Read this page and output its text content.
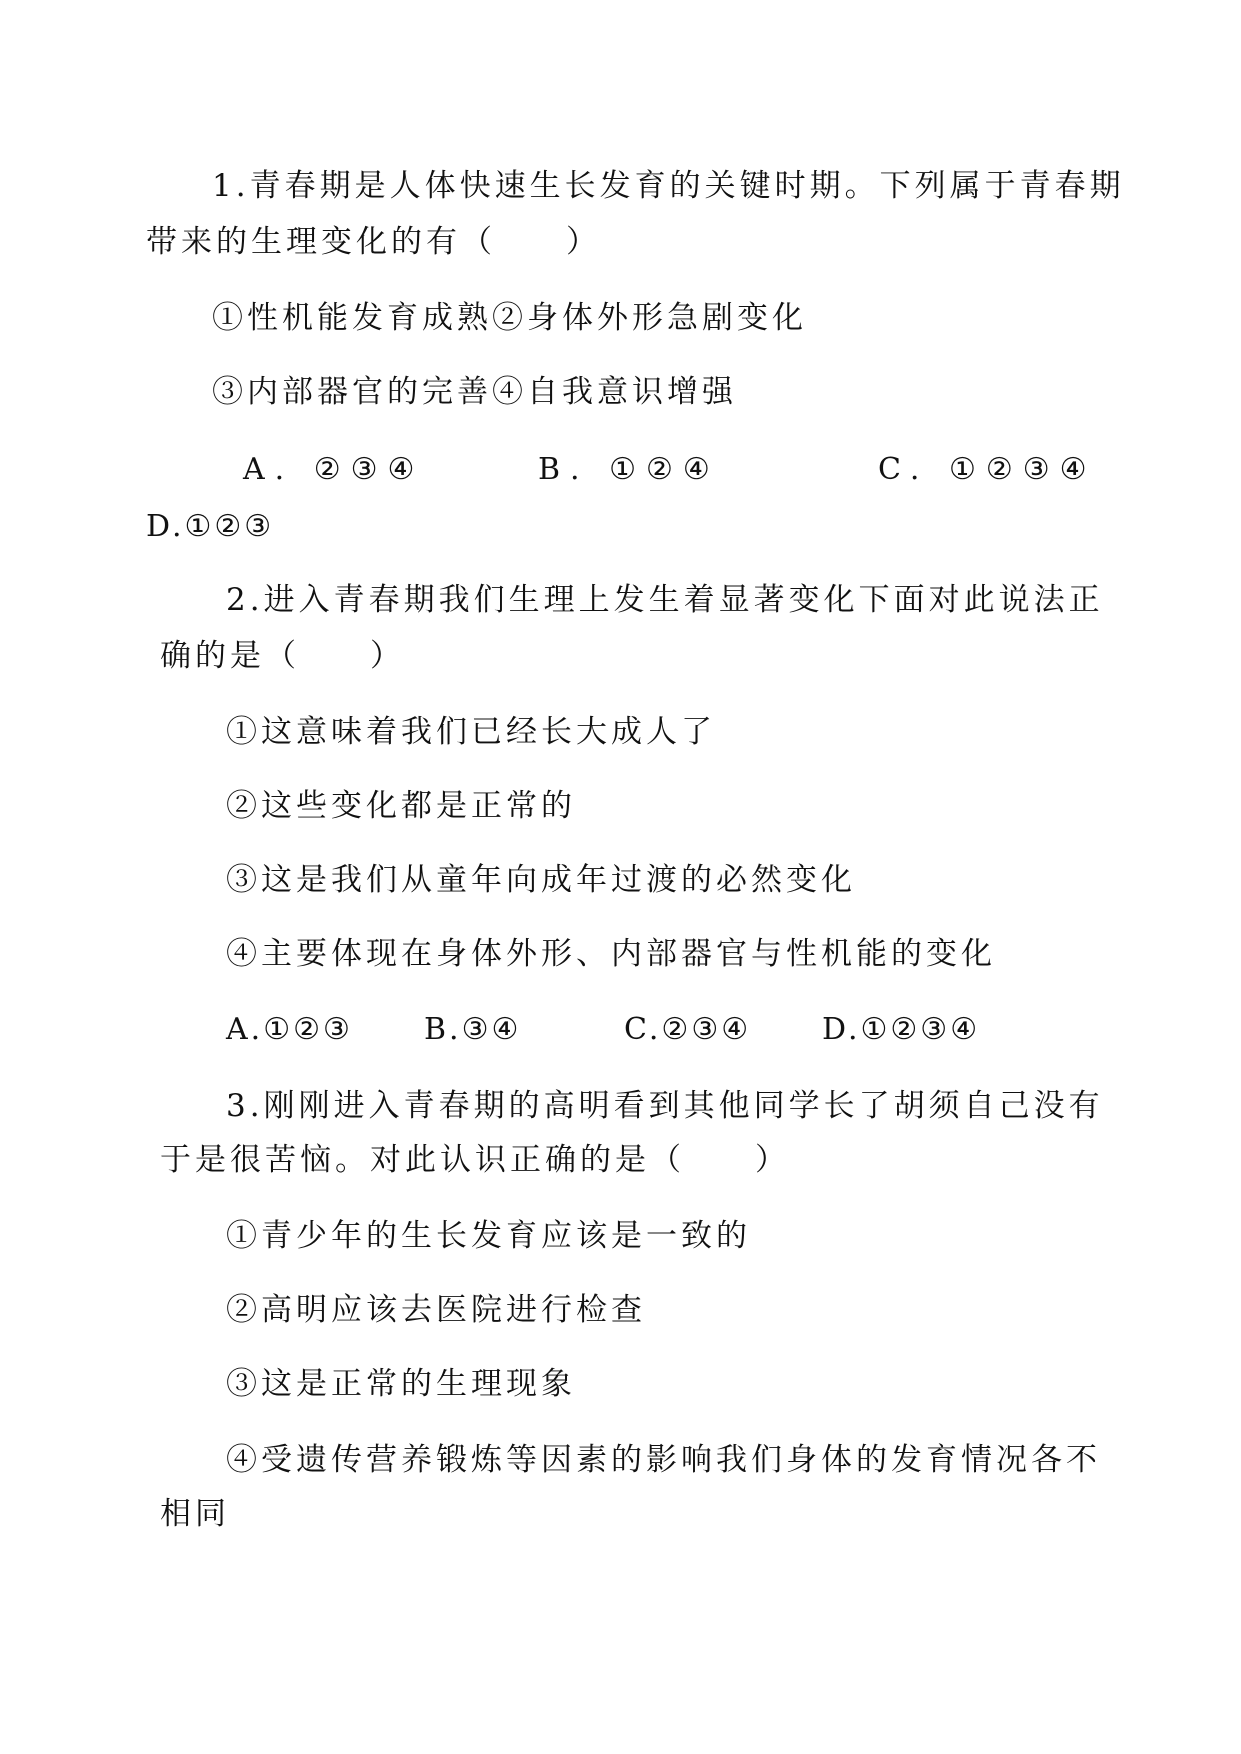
1.青春期是人体快速生长发育的关键时期。下列属于青春期
带来的生理变化的有（　　）
①性机能发育成熟②身体外形急剧变化
③内部器官的完善④自我意识增强
A. ②③④	B. ①②④	C. ①②③④
D.①②③
2.进入青春期我们生理上发生着显著变化下面对此说法正
确的是（　　）
①这意味着我们已经长大成人了
②这些变化都是正常的
③这是我们从童年向成年过渡的必然变化
④主要体现在身体外形、内部器官与性机能的变化
A.①②③ B.③④	C.②③④ D.①②③④
3.刚刚进入青春期的高明看到其他同学长了胡须自己没有
于是很苦恼。对此认识正确的是（　　）
①青少年的生长发育应该是一致的
②高明应该去医院进行检查
③这是正常的生理现象
④受遗传营养锻炼等因素的影响我们身体的发育情况各不
相同
